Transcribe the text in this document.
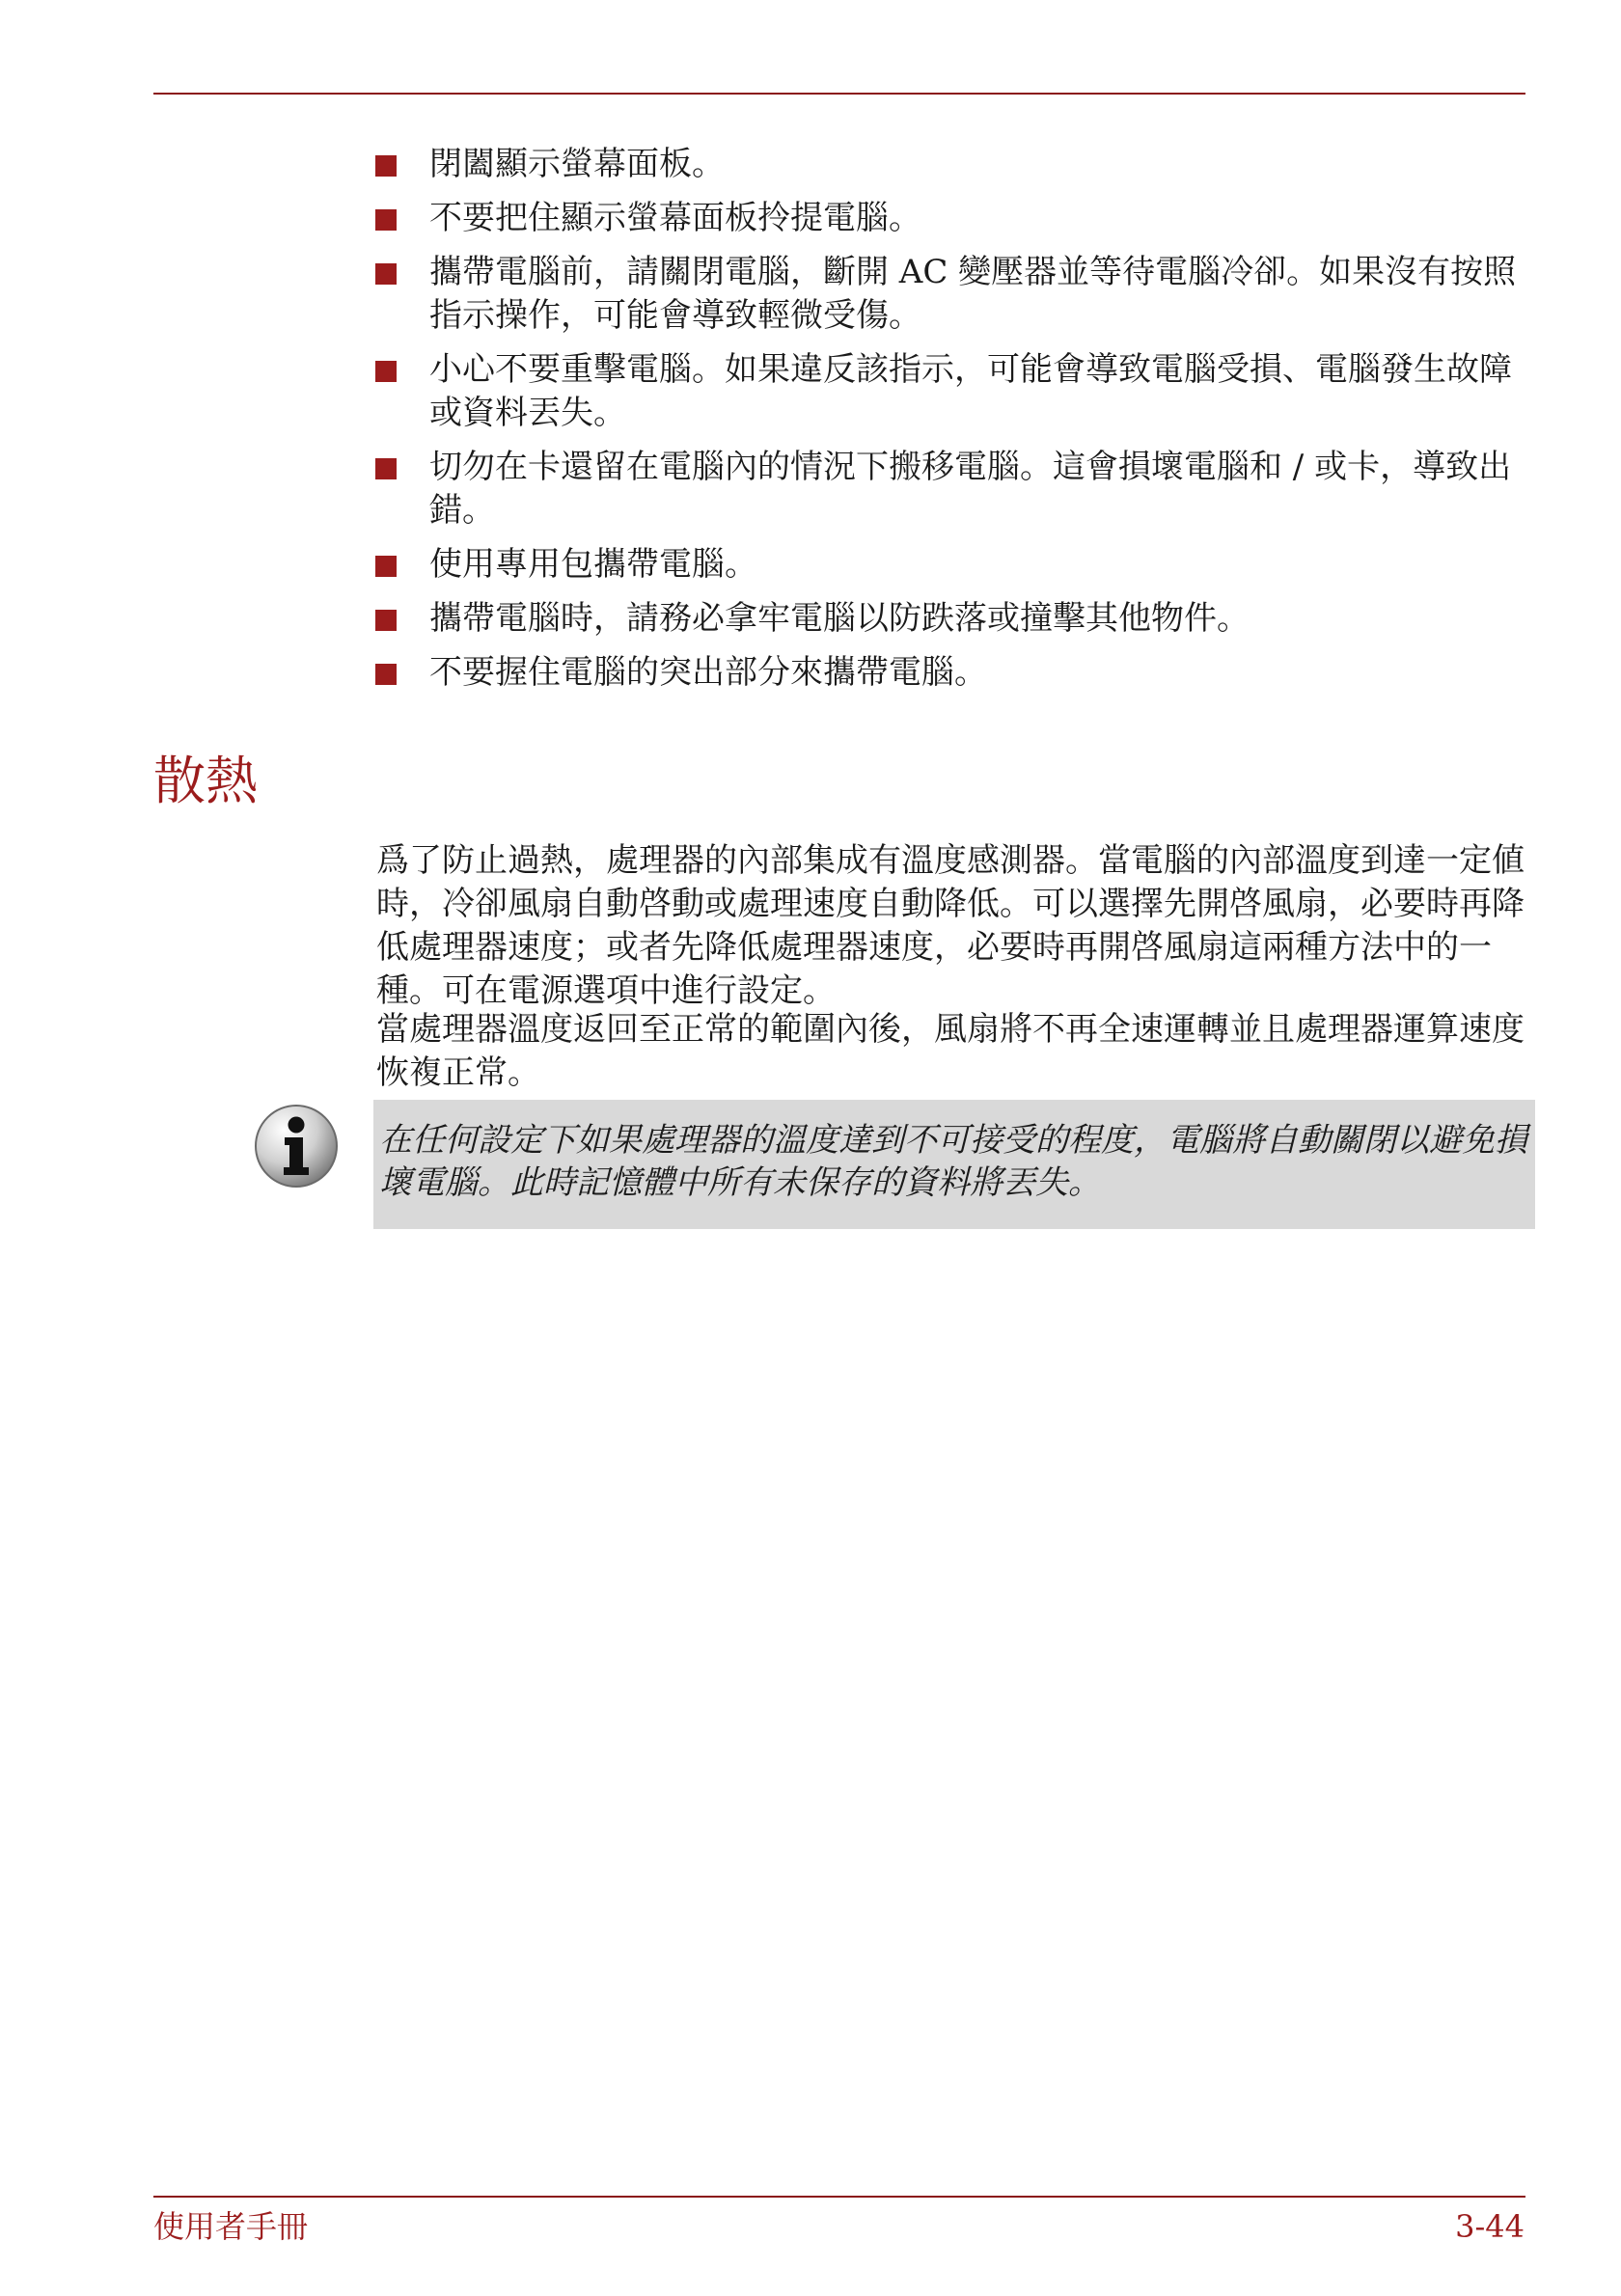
閉闔顯示螢幕面板。
不要把住顯示螢幕面板拎提電腦。
攜帶電腦前，請關閉電腦，斷開 AC 變壓器並等待電腦冷卻。如果沒有按照指示操作，可能會導致輕微受傷。
小心不要重擊電腦。如果違反該指示，可能會導致電腦受損、電腦發生故障或資料丟失。
切勿在卡還留在電腦內的情況下搬移電腦。這會損壞電腦和 / 或卡，導致出錯。
使用專用包攜帶電腦。
攜帶電腦時，請務必拿牢電腦以防跌落或撞擊其他物件。
不要握住電腦的突出部分來攜帶電腦。
散熱

爲了防止過熱，處理器的內部集成有溫度感測器。當電腦的內部溫度到達一定値時，冷卻風扇自動啓動或處理速度自動降低。可以選擇先開啓風扇，必要時再降低處理器速度；或者先降低處理器速度，必要時再開啓風扇這兩種方法中的一種。可在電源選項中進行設定。

當處理器溫度返回至正常的範圍內後，風扇將不再全速運轉並且處理器運算速度恢複正常。

在任何設定下如果處理器的溫度達到不可接受的程度，電腦將自動關閉以避免損壞電腦。此時記憶體中所有未保存的資料將丟失。

使用者手冊	3-44
